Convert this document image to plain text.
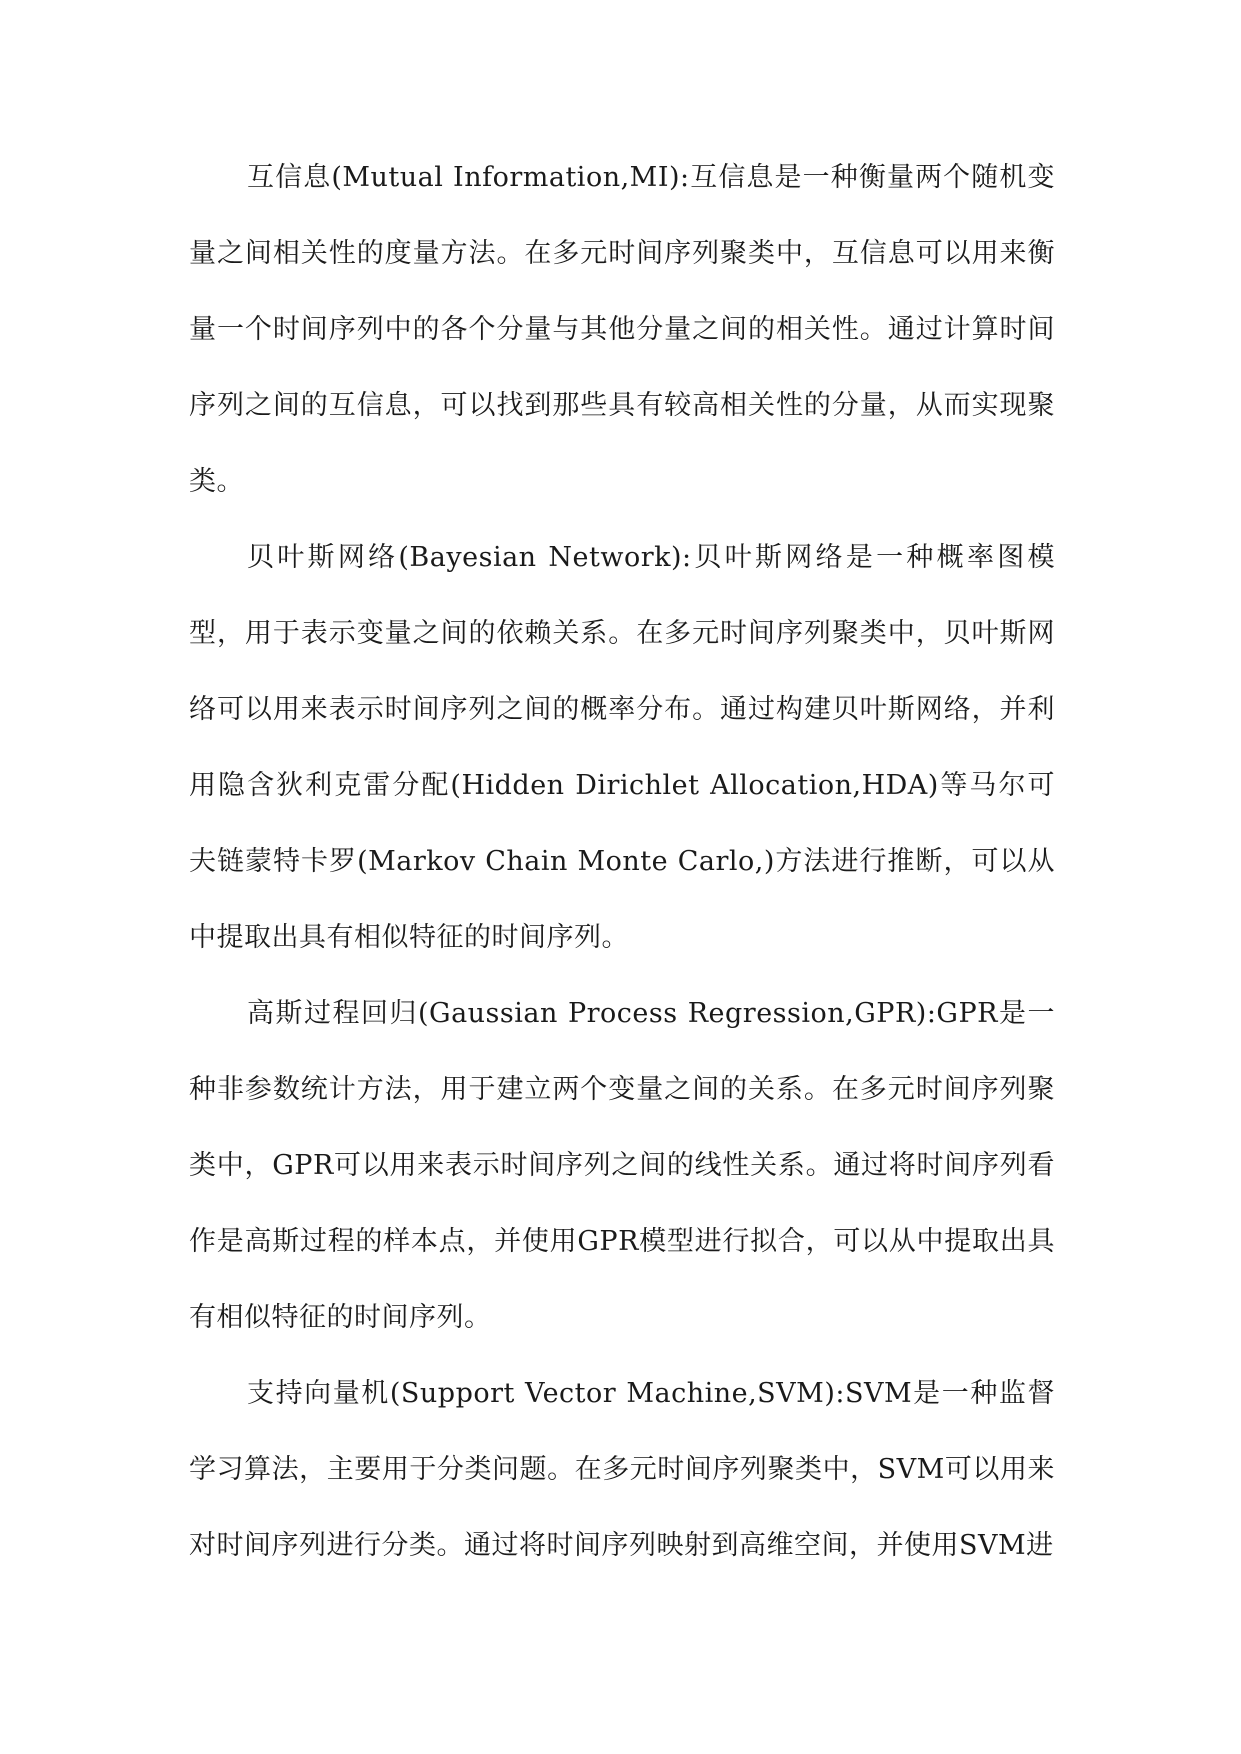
互信息(Mutual Information,MI):互信息是一种衡量两个随机变量之间相关性的度量方法。在多元时间序列聚类中，互信息可以用来衡量一个时间序列中的各个分量与其他分量之间的相关性。通过计算时间序列之间的互信息，可以找到那些具有较高相关性的分量，从而实现聚类。

贝叶斯网络(Bayesian Network):贝叶斯网络是一种概率图模型，用于表示变量之间的依赖关系。在多元时间序列聚类中，贝叶斯网络可以用来表示时间序列之间的概率分布。通过构建贝叶斯网络，并利用隐含狄利克雷分配(Hidden Dirichlet Allocation,HDA)等马尔可夫链蒙特卡罗(Markov Chain Monte Carlo,)方法进行推断，可以从中提取出具有相似特征的时间序列。

高斯过程回归(Gaussian Process Regression,GPR):GPR是一种非参数统计方法，用于建立两个变量之间的关系。在多元时间序列聚类中，GPR可以用来表示时间序列之间的线性关系。通过将时间序列看作是高斯过程的样本点，并使用GPR模型进行拟合，可以从中提取出具有相似特征的时间序列。

支持向量机(Support Vector Machine,SVM):SVM是一种监督学习算法，主要用于分类问题。在多元时间序列聚类中，SVM可以用来对时间序列进行分类。通过将时间序列映射到高维空间，并使用SVM进
